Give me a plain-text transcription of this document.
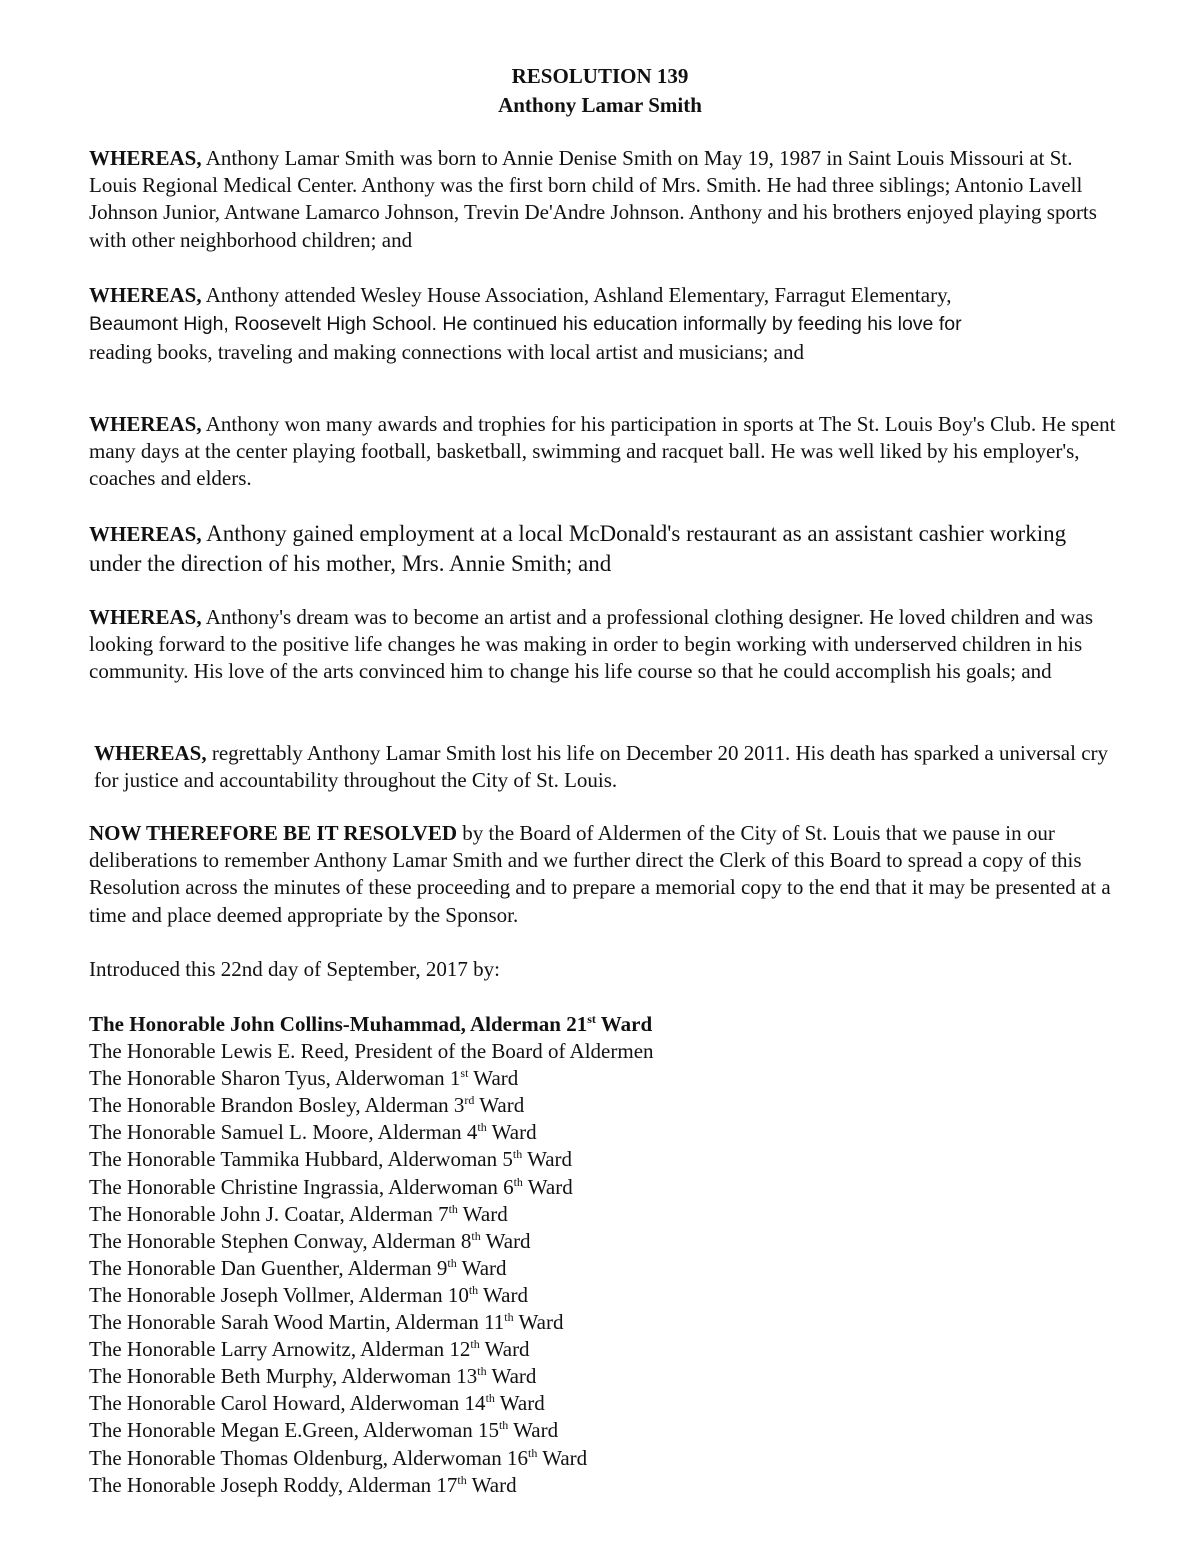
RESOLUTION 139
Anthony Lamar Smith

WHEREAS, Anthony Lamar Smith was born to Annie Denise Smith on May 19, 1987 in Saint Louis Missouri at St. Louis Regional Medical Center. Anthony was the first born child of Mrs. Smith. He had three siblings; Antonio Lavell Johnson Junior, Antwane Lamarco Johnson, Trevin De'Andre Johnson. Anthony and his brothers enjoyed playing sports with other neighborhood children; and

WHEREAS, Anthony attended Wesley House Association, Ashland Elementary, Farragut Elementary,
Beaumont High, Roosevelt High School. He continued his education informally by feeding his love for
reading books, traveling and making connections with local artist and musicians; and

WHEREAS, Anthony won many awards and trophies for his participation in sports at The St. Louis Boy's Club. He spent many days at the center playing football, basketball, swimming and racquet ball. He was well liked by his employer's, coaches and elders.

WHEREAS, Anthony gained employment at a local McDonald's restaurant as an assistant cashier working under the direction of his mother, Mrs. Annie Smith; and

WHEREAS, Anthony's dream was to become an artist and a professional clothing designer. He loved children and was looking forward to the positive life changes he was making in order to begin working with underserved children in his community. His love of the arts convinced him to change his life course so that he could accomplish his goals; and

WHEREAS, regrettably Anthony Lamar Smith lost his life on December 20 2011. His death has sparked a universal cry for justice and accountability throughout the City of St. Louis.

NOW THEREFORE BE IT RESOLVED by the Board of Aldermen of the City of St. Louis that we pause in our deliberations to remember Anthony Lamar Smith and we further direct the Clerk of this Board to spread a copy of this Resolution across the minutes of these proceeding and to prepare a memorial copy to the end that it may be presented at a time and place deemed appropriate by the Sponsor.

Introduced this 22nd day of September, 2017 by:

The Honorable John Collins-Muhammad, Alderman 21st Ward
The Honorable Lewis E. Reed, President of the Board of Aldermen
The Honorable Sharon Tyus, Alderwoman 1st Ward
The Honorable Brandon Bosley, Alderman 3rd Ward
The Honorable Samuel L. Moore, Alderman 4th Ward
The Honorable Tammika Hubbard, Alderwoman 5th Ward
The Honorable Christine Ingrassia, Alderwoman 6th Ward
The Honorable John J. Coatar, Alderman 7th Ward
The Honorable Stephen Conway, Alderman 8th Ward
The Honorable Dan Guenther, Alderman 9th Ward
The Honorable Joseph Vollmer, Alderman 10th Ward
The Honorable Sarah Wood Martin, Alderman 11th Ward
The Honorable Larry Arnowitz, Alderman 12th Ward
The Honorable Beth Murphy, Alderwoman 13th Ward
The Honorable Carol Howard, Alderwoman 14th Ward
The Honorable Megan E.Green, Alderwoman 15th Ward
The Honorable Thomas Oldenburg, Alderwoman 16th Ward
The Honorable Joseph Roddy, Alderman 17th Ward
